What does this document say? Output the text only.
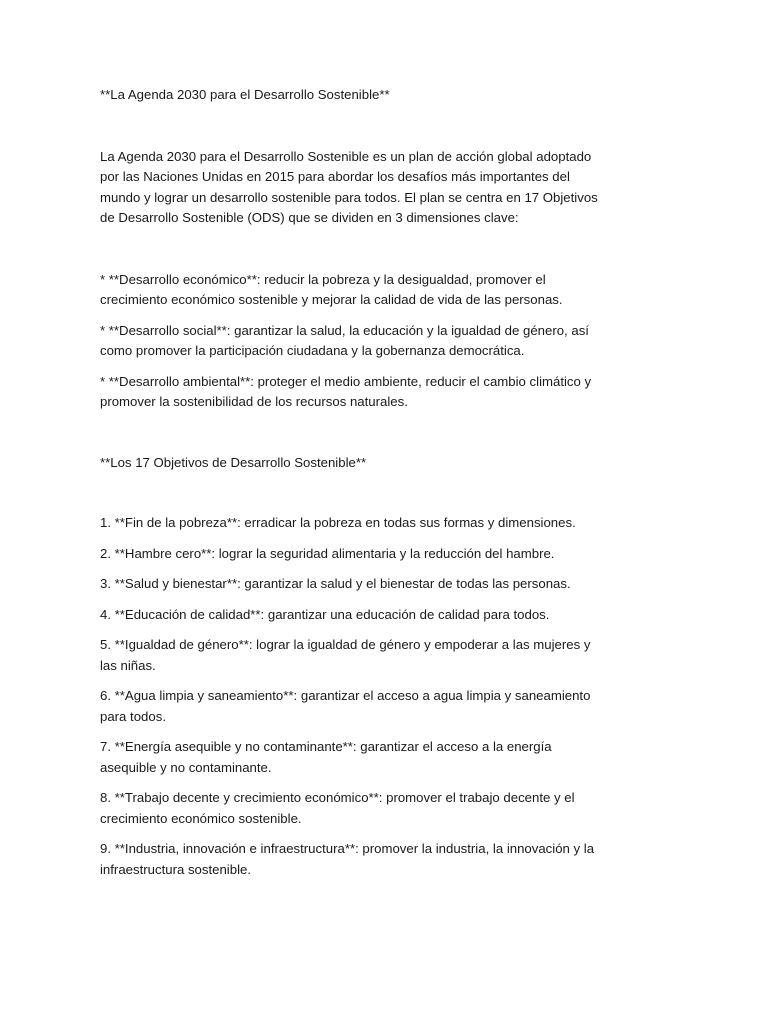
**La Agenda 2030 para el Desarrollo Sostenible**

La Agenda 2030 para el Desarrollo Sostenible es un plan de acción global adoptado por las Naciones Unidas en 2015 para abordar los desafíos más importantes del mundo y lograr un desarrollo sostenible para todos. El plan se centra en 17 Objetivos de Desarrollo Sostenible (ODS) que se dividen en 3 dimensiones clave:

* **Desarrollo económico**: reducir la pobreza y la desigualdad, promover el crecimiento económico sostenible y mejorar la calidad de vida de las personas.

* **Desarrollo social**: garantizar la salud, la educación y la igualdad de género, así como promover la participación ciudadana y la gobernanza democrática.

* **Desarrollo ambiental**: proteger el medio ambiente, reducir el cambio climático y promover la sostenibilidad de los recursos naturales.

**Los 17 Objetivos de Desarrollo Sostenible**

1. **Fin de la pobreza**: erradicar la pobreza en todas sus formas y dimensiones.

2. **Hambre cero**: lograr la seguridad alimentaria y la reducción del hambre.

3. **Salud y bienestar**: garantizar la salud y el bienestar de todas las personas.

4. **Educación de calidad**: garantizar una educación de calidad para todos.

5. **Igualdad de género**: lograr la igualdad de género y empoderar a las mujeres y las niñas.

6. **Agua limpia y saneamiento**: garantizar el acceso a agua limpia y saneamiento para todos.

7. **Energía asequible y no contaminante**: garantizar el acceso a la energía asequible y no contaminante.

8. **Trabajo decente y crecimiento económico**: promover el trabajo decente y el crecimiento económico sostenible.

9. **Industria, innovación e infraestructura**: promover la industria, la innovación y la infraestructura sostenible.
